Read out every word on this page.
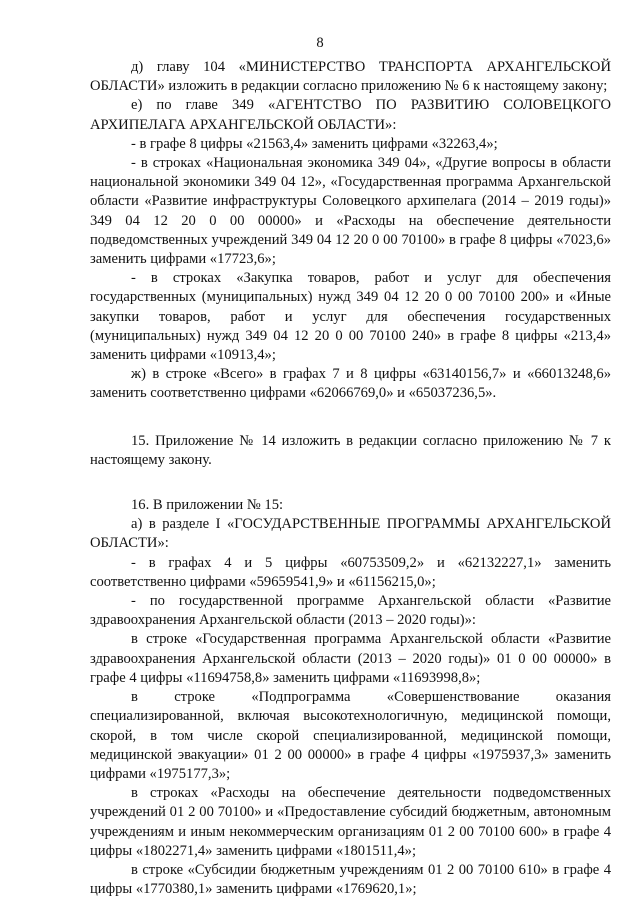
8

д) главу 104 «МИНИСТЕРСТВО ТРАНСПОРТА АРХАНГЕЛЬСКОЙ ОБЛАСТИ» изложить в редакции согласно приложению № 6 к настоящему закону;

е) по главе 349 «АГЕНТСТВО ПО РАЗВИТИЮ СОЛОВЕЦКОГО АРХИПЕЛАГА АРХАНГЕЛЬСКОЙ ОБЛАСТИ»:

- в графе 8 цифры «21563,4» заменить цифрами «32263,4»;

- в строках «Национальная экономика 349 04», «Другие вопросы в области национальной экономики 349 04 12», «Государственная программа Архангельской области «Развитие инфраструктуры Соловецкого архипелага (2014 – 2019 годы)» 349 04 12 20 0 00 00000» и «Расходы на обеспечение деятельности подведомственных учреждений 349 04 12 20 0 00 70100» в графе 8 цифры «7023,6» заменить цифрами «17723,6»;

- в строках «Закупка товаров, работ и услуг для обеспечения государственных (муниципальных) нужд 349 04 12 20 0 00 70100 200» и «Иные закупки товаров, работ и услуг для обеспечения государственных (муниципальных) нужд 349 04 12 20 0 00 70100 240» в графе 8 цифры «213,4» заменить цифрами «10913,4»;

ж) в строке «Всего» в графах 7 и 8 цифры «63140156,7» и «66013248,6» заменить соответственно цифрами «62066769,0» и «65037236,5».

15. Приложение № 14 изложить в редакции согласно приложению № 7 к настоящему закону.

16. В приложении № 15:

а) в разделе I «ГОСУДАРСТВЕННЫЕ ПРОГРАММЫ АРХАНГЕЛЬСКОЙ ОБЛАСТИ»:

- в графах 4 и 5 цифры «60753509,2» и «62132227,1» заменить соответственно цифрами «59659541,9» и «61156215,0»;

- по государственной программе Архангельской области «Развитие здравоохранения Архангельской области (2013 – 2020 годы)»:

в строке «Государственная программа Архангельской области «Развитие здравоохранения Архангельской области (2013 – 2020 годы)» 01 0 00 00000» в графе 4 цифры «11694758,8» заменить цифрами «11693998,8»;

в строке «Подпрограмма «Совершенствование оказания специализированной, включая высокотехнологичную, медицинской помощи, скорой, в том числе скорой специализированной, медицинской помощи, медицинской эвакуации» 01 2 00 00000» в графе 4 цифры «1975937,3» заменить цифрами «1975177,3»;

в строках «Расходы на обеспечение деятельности подведомственных учреждений 01 2 00 70100» и «Предоставление субсидий бюджетным, автономным учреждениям и иным некоммерческим организациям 01 2 00 70100 600» в графе 4 цифры «1802271,4» заменить цифрами «1801511,4»;

в строке «Субсидии бюджетным учреждениям 01 2 00 70100 610» в графе 4 цифры «1770380,1» заменить цифрами «1769620,1»;
